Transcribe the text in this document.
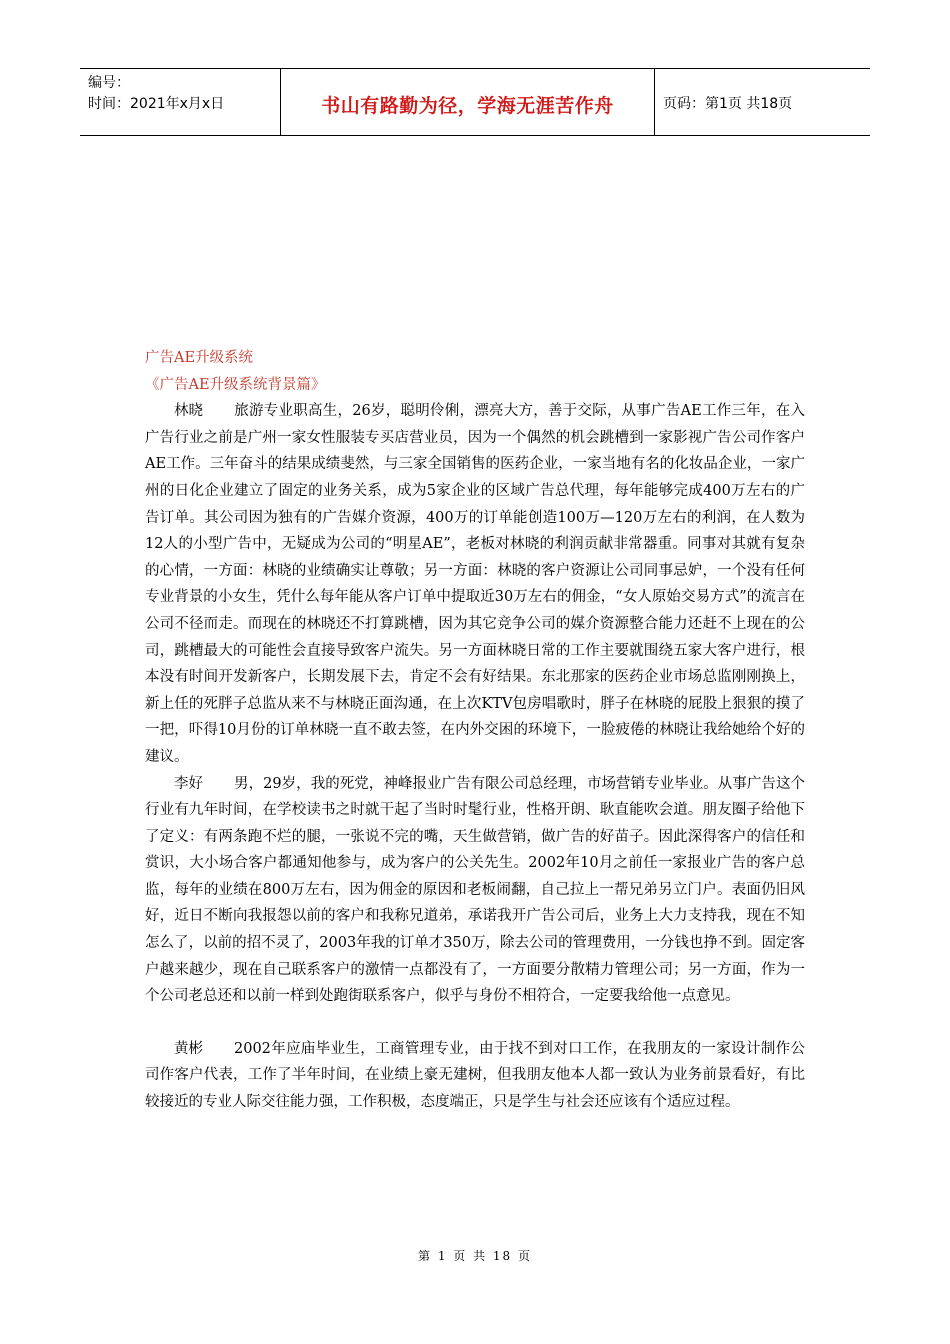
编号：
时间：2021年x月x日	书山有路勤为径，学海无涯苦作舟	页码：第1页 共18页

广告AE升级系统

《广告AE升级系统背景篇》

林晓 旅游专业职高生，26岁，聪明伶俐，漂亮大方，善于交际，从事广告AE工作三年，在入广告行业之前是广州一家女性服装专买店营业员，因为一个偶然的机会跳槽到一家影视广告公司作客户AE工作。三年奋斗的结果成绩斐然，与三家全国销售的医药企业，一家当地有名的化妆品企业，一家广州的日化企业建立了固定的业务关系，成为5家企业的区域广告总代理，每年能够完成400万左右的广告订单。其公司因为独有的广告媒介资源，400万的订单能创造100万—120万左右的利润，在人数为12人的小型广告中，无疑成为公司的“明星AE”，老板对林晓的利润贡献非常器重。同事对其就有复杂的心情，一方面：林晓的业绩确实让尊敬；另一方面：林晓的客户资源让公司同事忌妒，一个没有任何专业背景的小女生，凭什么每年能从客户订单中提取近30万左右的佣金，“女人原始交易方式”的流言在公司不径而走。而现在的林晓还不打算跳槽，因为其它竞争公司的媒介资源整合能力还赶不上现在的公司，跳槽最大的可能性会直接导致客户流失。另一方面林晓日常的工作主要就围绕五家大客户进行，根本没有时间开发新客户，长期发展下去，肯定不会有好结果。东北那家的医药企业市场总监刚刚换上，新上任的死胖子总监从来不与林晓正面沟通，在上次KTV包房唱歌时，胖子在林晓的屁股上狠狠的摸了一把，吓得10月份的订单林晓一直不敢去签，在内外交困的环境下，一脸疲倦的林晓让我给她给个好的建议。

李好 男，29岁，我的死党，神峰报业广告有限公司总经理，市场营销专业毕业。从事广告这个行业有九年时间，在学校读书之时就干起了当时时髦行业，性格开朗、耿直能吹会道。朋友圈子给他下了定义：有两条跑不烂的腿，一张说不完的嘴，天生做营销，做广告的好苗子。因此深得客户的信任和赏识，大小场合客户都通知他参与，成为客户的公关先生。2002年10月之前任一家报业广告的客户总监，每年的业绩在800万左右，因为佣金的原因和老板闹翻，自己拉上一帮兄弟另立门户。表面仍旧风好，近日不断向我报怨以前的客户和我称兄道弟，承诺我开广告公司后，业务上大力支持我，现在不知怎么了，以前的招不灵了，2003年我的订单才350万，除去公司的管理费用，一分钱也挣不到。固定客户越来越少，现在自己联系客户的激情一点都没有了，一方面要分散精力管理公司；另一方面，作为一个公司老总还和以前一样到处跑街联系客户，似乎与身份不相符合，一定要我给他一点意见。

黄彬 2002年应庙毕业生，工商管理专业，由于找不到对口工作，在我朋友的一家设计制作公司作客户代表，工作了半年时间，在业绩上豪无建树，但我朋友他本人都一致认为业务前景看好，有比较接近的专业人际交往能力强，工作积极，态度端正，只是学生与社会还应该有个适应过程。

第 1 页 共 18 页
